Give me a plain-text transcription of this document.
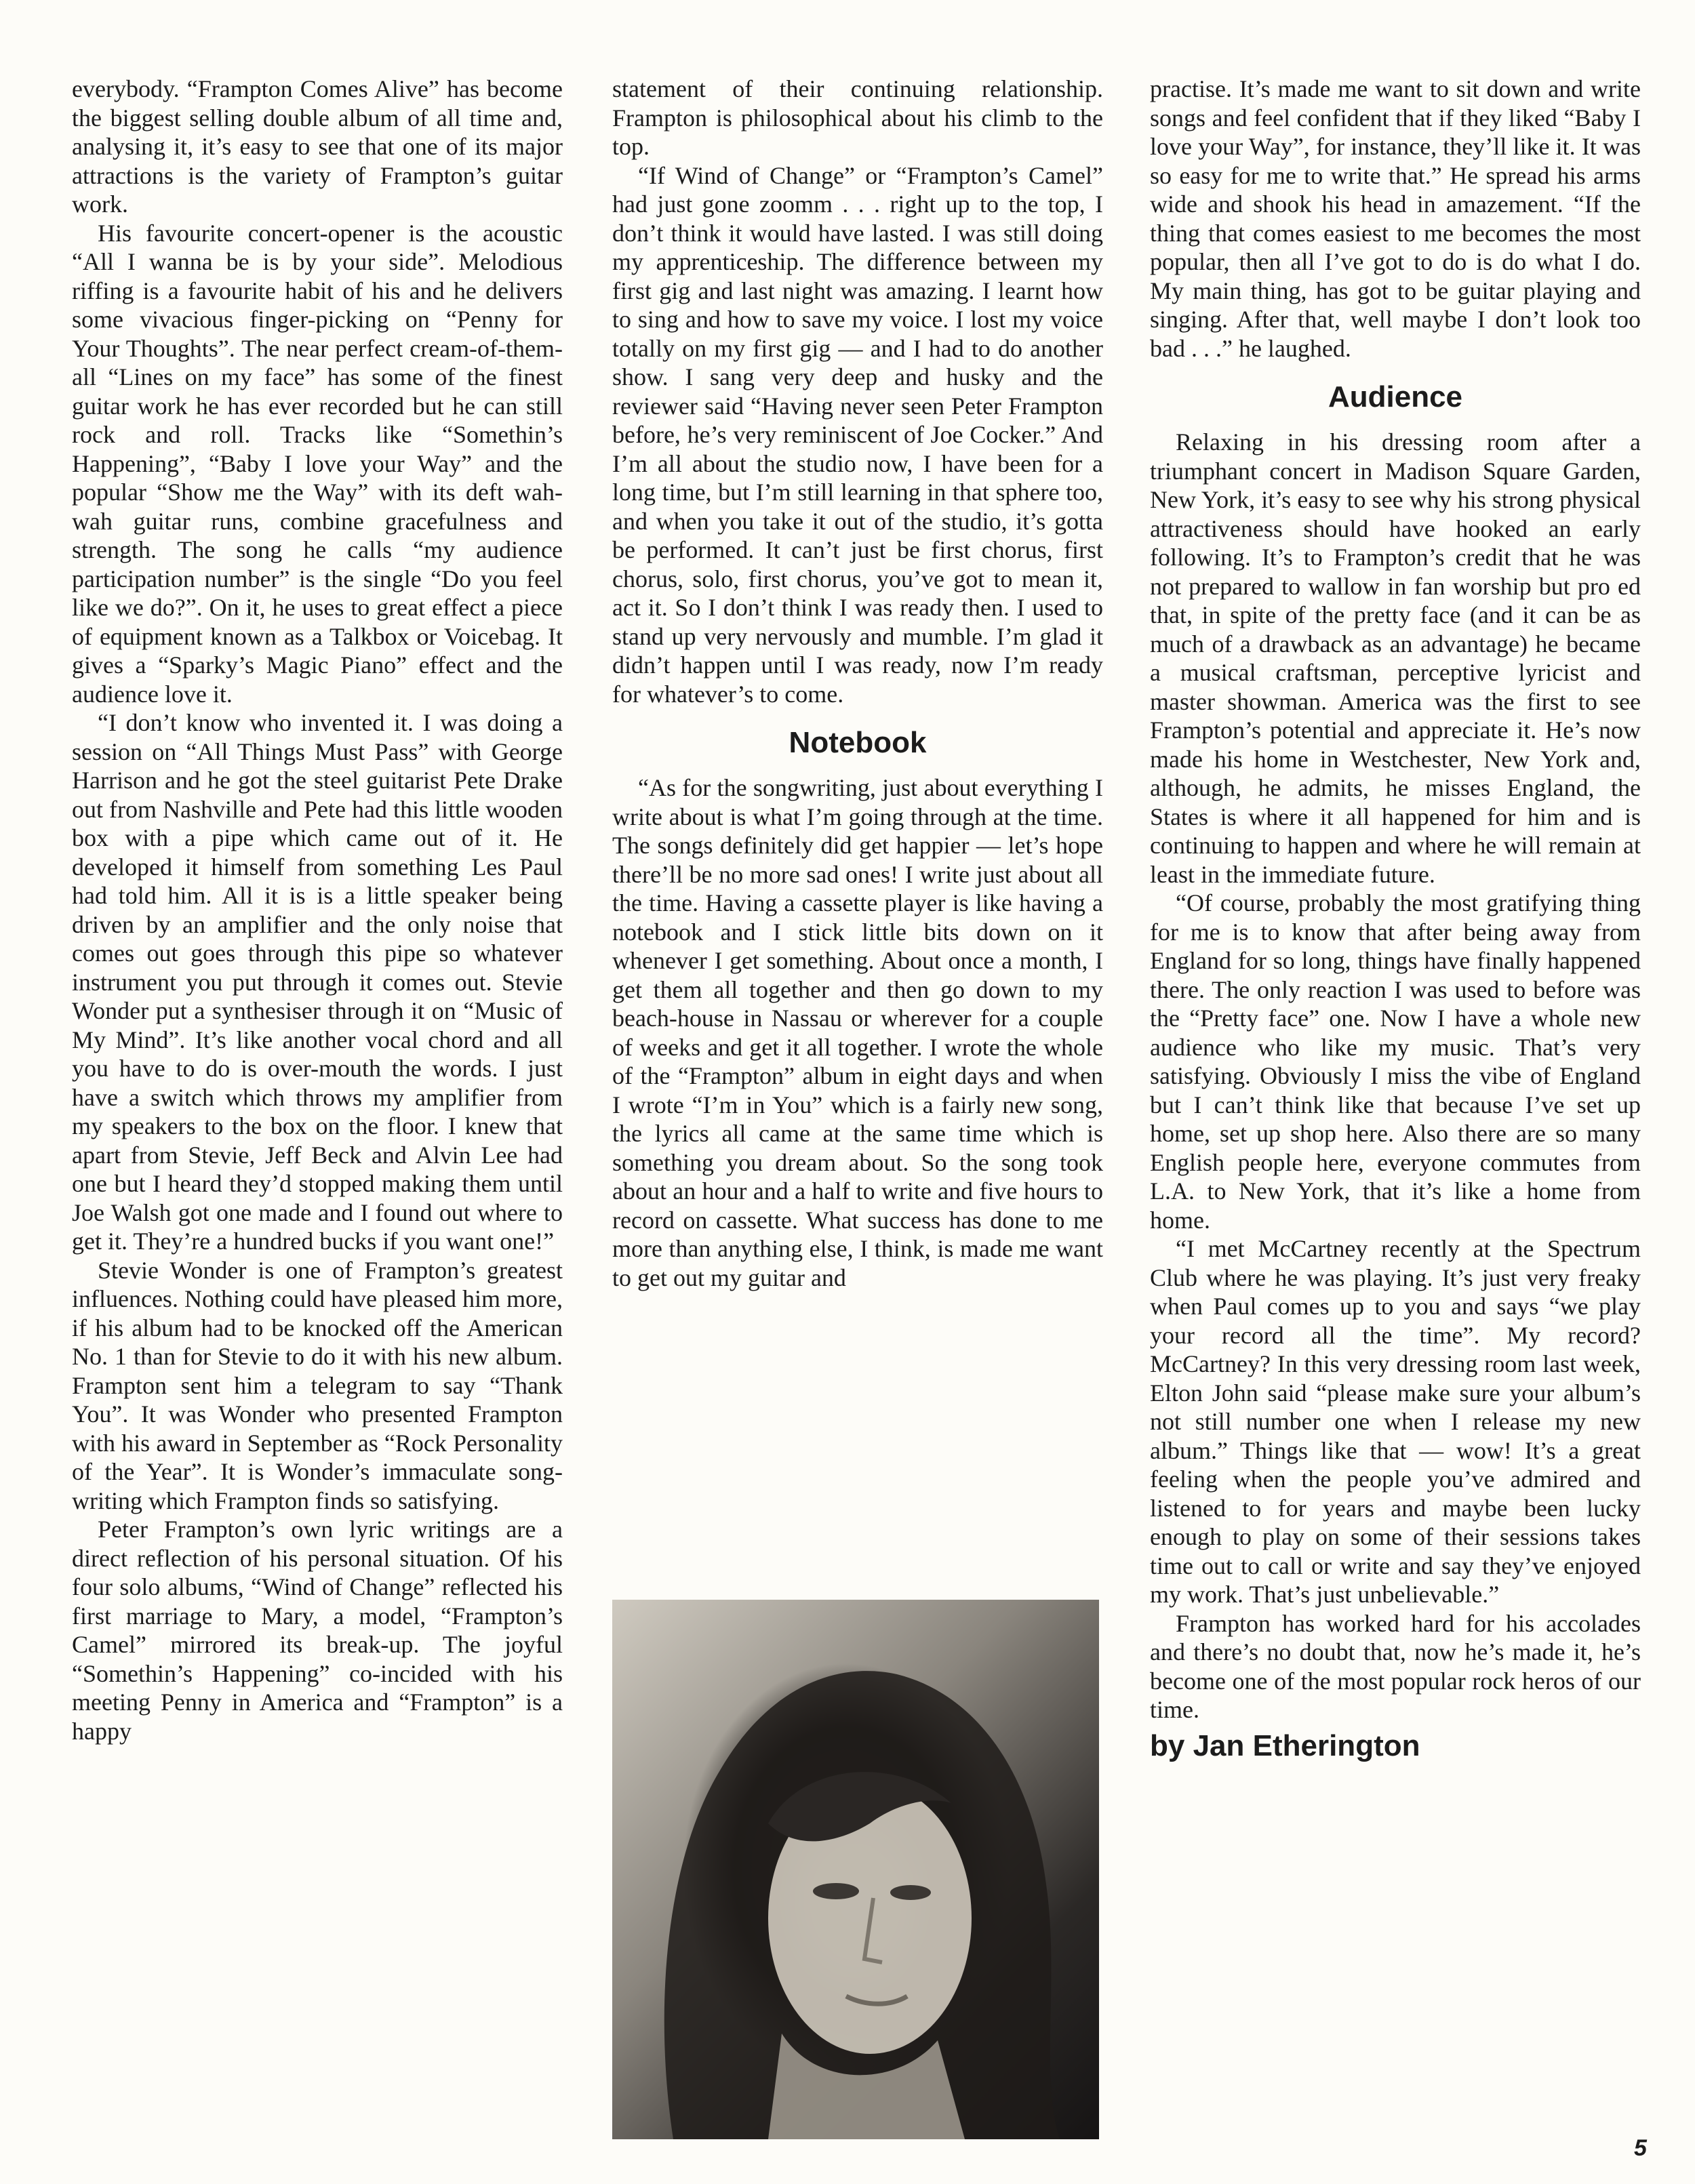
everybody. “Frampton Comes Alive” has become the biggest selling double album of all time and, analysing it, it’s easy to see that one of its major attractions is the variety of Frampton’s guitar work.

His favourite concert-opener is the acoustic “All I wanna be is by your side”. Melodious riffing is a favourite habit of his and he delivers some vivacious finger-picking on “Penny for Your Thoughts”. The near perfect cream-of-them-all “Lines on my face” has some of the finest guitar work he has ever recorded but he can still rock and roll. Tracks like “Somethin’s Happening”, “Baby I love your Way” and the popular “Show me the Way” with its deft wah-wah guitar runs, combine gracefulness and strength. The song he calls “my audience participation number” is the single “Do you feel like we do?”. On it, he uses to great effect a piece of equipment known as a Talkbox or Voicebag. It gives a “Sparky’s Magic Piano” effect and the audience love it.

“I don’t know who invented it. I was doing a session on “All Things Must Pass” with George Harrison and he got the steel guitarist Pete Drake out from Nashville and Pete had this little wooden box with a pipe which came out of it. He developed it himself from something Les Paul had told him. All it is is a little speaker being driven by an amplifier and the only noise that comes out goes through this pipe so whatever instrument you put through it comes out. Stevie Wonder put a synthesiser through it on “Music of My Mind”. It’s like another vocal chord and all you have to do is over-mouth the words. I just have a switch which throws my amplifier from my speakers to the box on the floor. I knew that apart from Stevie, Jeff Beck and Alvin Lee had one but I heard they’d stopped making them until Joe Walsh got one made and I found out where to get it. They’re a hundred bucks if you want one!”

Stevie Wonder is one of Frampton’s greatest influences. Nothing could have pleased him more, if his album had to be knocked off the American No. 1 than for Stevie to do it with his new album. Frampton sent him a telegram to say “Thank You”. It was Wonder who presented Frampton with his award in September as “Rock Personality of the Year”. It is Wonder’s immaculate song-writing which Frampton finds so satisfying.

Peter Frampton’s own lyric writings are a direct reflection of his personal situation. Of his four solo albums, “Wind of Change” reflected his first marriage to Mary, a model, “Frampton’s Camel” mirrored its break-up. The joyful “Somethin’s Happening” co-incided with his meeting Penny in America and “Frampton” is a happy

statement of their continuing relationship. Frampton is philosophical about his climb to the top.

“If Wind of Change” or “Frampton’s Camel” had just gone zoomm . . . right up to the top, I don’t think it would have lasted. I was still doing my apprenticeship. The difference between my first gig and last night was amazing. I learnt how to sing and how to save my voice. I lost my voice totally on my first gig — and I had to do another show. I sang very deep and husky and the reviewer said “Having never seen Peter Frampton before, he’s very reminiscent of Joe Cocker.” And I’m all about the studio now, I have been for a long time, but I’m still learning in that sphere too, and when you take it out of the studio, it’s gotta be performed. It can’t just be first chorus, first chorus, solo, first chorus, you’ve got to mean it, act it. So I don’t think I was ready then. I used to stand up very nervously and mumble. I’m glad it didn’t happen until I was ready, now I’m ready for whatever’s to come.

Notebook

“As for the songwriting, just about everything I write about is what I’m going through at the time. The songs definitely did get happier — let’s hope there’ll be no more sad ones! I write just about all the time. Having a cassette player is like having a notebook and I stick little bits down on it whenever I get something. About once a month, I get them all together and then go down to my beach-house in Nassau or wherever for a couple of weeks and get it all together. I wrote the whole of the “Frampton” album in eight days and when I wrote “I’m in You” which is a fairly new song, the lyrics all came at the same time which is something you dream about. So the song took about an hour and a half to write and five hours to record on cassette. What success has done to me more than anything else, I think, is made me want to get out my guitar and

practise. It’s made me want to sit down and write songs and feel confident that if they liked “Baby I love your Way”, for instance, they’ll like it. It was so easy for me to write that.” He spread his arms wide and shook his head in amazement. “If the thing that comes easiest to me becomes the most popular, then all I’ve got to do is do what I do. My main thing, has got to be guitar playing and singing. After that, well maybe I don’t look too bad . . .” he laughed.

Audience

Relaxing in his dressing room after a triumphant concert in Madison Square Garden, New York, it’s easy to see why his strong physical attractiveness should have hooked an early following. It’s to Frampton’s credit that he was not prepared to wallow in fan worship but pro ed that, in spite of the pretty face (and it can be as much of a drawback as an advantage) he became a musical craftsman, perceptive lyricist and master showman. America was the first to see Frampton’s potential and appreciate it. He’s now made his home in Westchester, New York and, although, he admits, he misses England, the States is where it all happened for him and is continuing to happen and where he will remain at least in the immediate future.

“Of course, probably the most gratifying thing for me is to know that after being away from England for so long, things have finally happened there. The only reaction I was used to before was the “Pretty face” one. Now I have a whole new audience who like my music. That’s very satisfying. Obviously I miss the vibe of England but I can’t think like that because I’ve set up home, set up shop here. Also there are so many English people here, everyone commutes from L.A. to New York, that it’s like a home from home.

“I met McCartney recently at the Spectrum Club where he was playing. It’s just very freaky when Paul comes up to you and says “we play your record all the time”. My record? McCartney? In this very dressing room last week, Elton John said “please make sure your album’s not still number one when I release my new album.” Things like that — wow! It’s a great feeling when the people you’ve admired and listened to for years and maybe been lucky enough to play on some of their sessions takes time out to call or write and say they’ve enjoyed my work. That’s just unbelievable.”

Frampton has worked hard for his accolades and there’s no doubt that, now he’s made it, he’s become one of the most popular rock heros of our time.

by Jan Etherington
5
